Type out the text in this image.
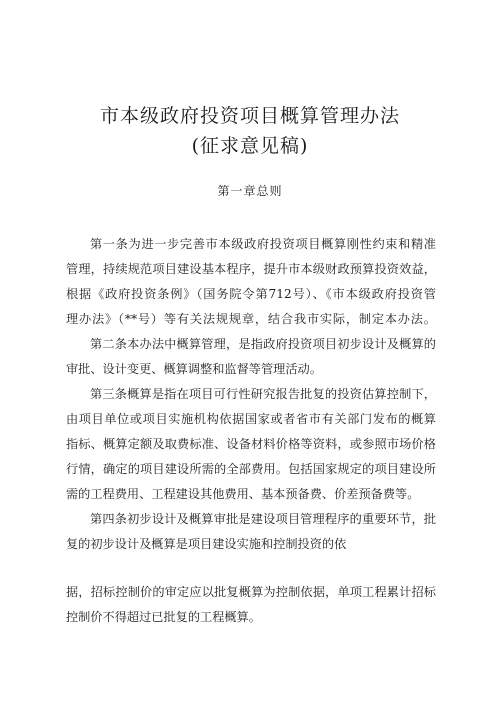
市本级政府投资项目概算管理办法
(征求意见稿)
第一章总则
第一条为进一步完善市本级政府投资项目概算刚性约束和精准
管理，持续规范项目建设基本程序，提升市本级财政预算投资效益，
根据《政府投资条例》（国务院令第712号）、《市本级政府投资管
理办法》（**号）等有关法规规章，结合我市实际，制定本办法。
第二条本办法中概算管理，是指政府投资项目初步设计及概算的
审批、设计变更、概算调整和监督等管理活动。
第三条概算是指在项目可行性研究报告批复的投资估算控制下，
由项目单位或项目实施机构依据国家或者省市有关部门发布的概算
指标、概算定额及取费标准、设备材料价格等资料，或参照市场价格
行情，确定的项目建设所需的全部费用。包括国家规定的项目建设所
需的工程费用、工程建设其他费用、基本预备费、价差预备费等。
第四条初步设计及概算审批是建设项目管理程序的重要环节，批
复的初步设计及概算是项目建设实施和控制投资的依
据，招标控制价的审定应以批复概算为控制依据，单项工程累计招标
控制价不得超过已批复的工程概算。
